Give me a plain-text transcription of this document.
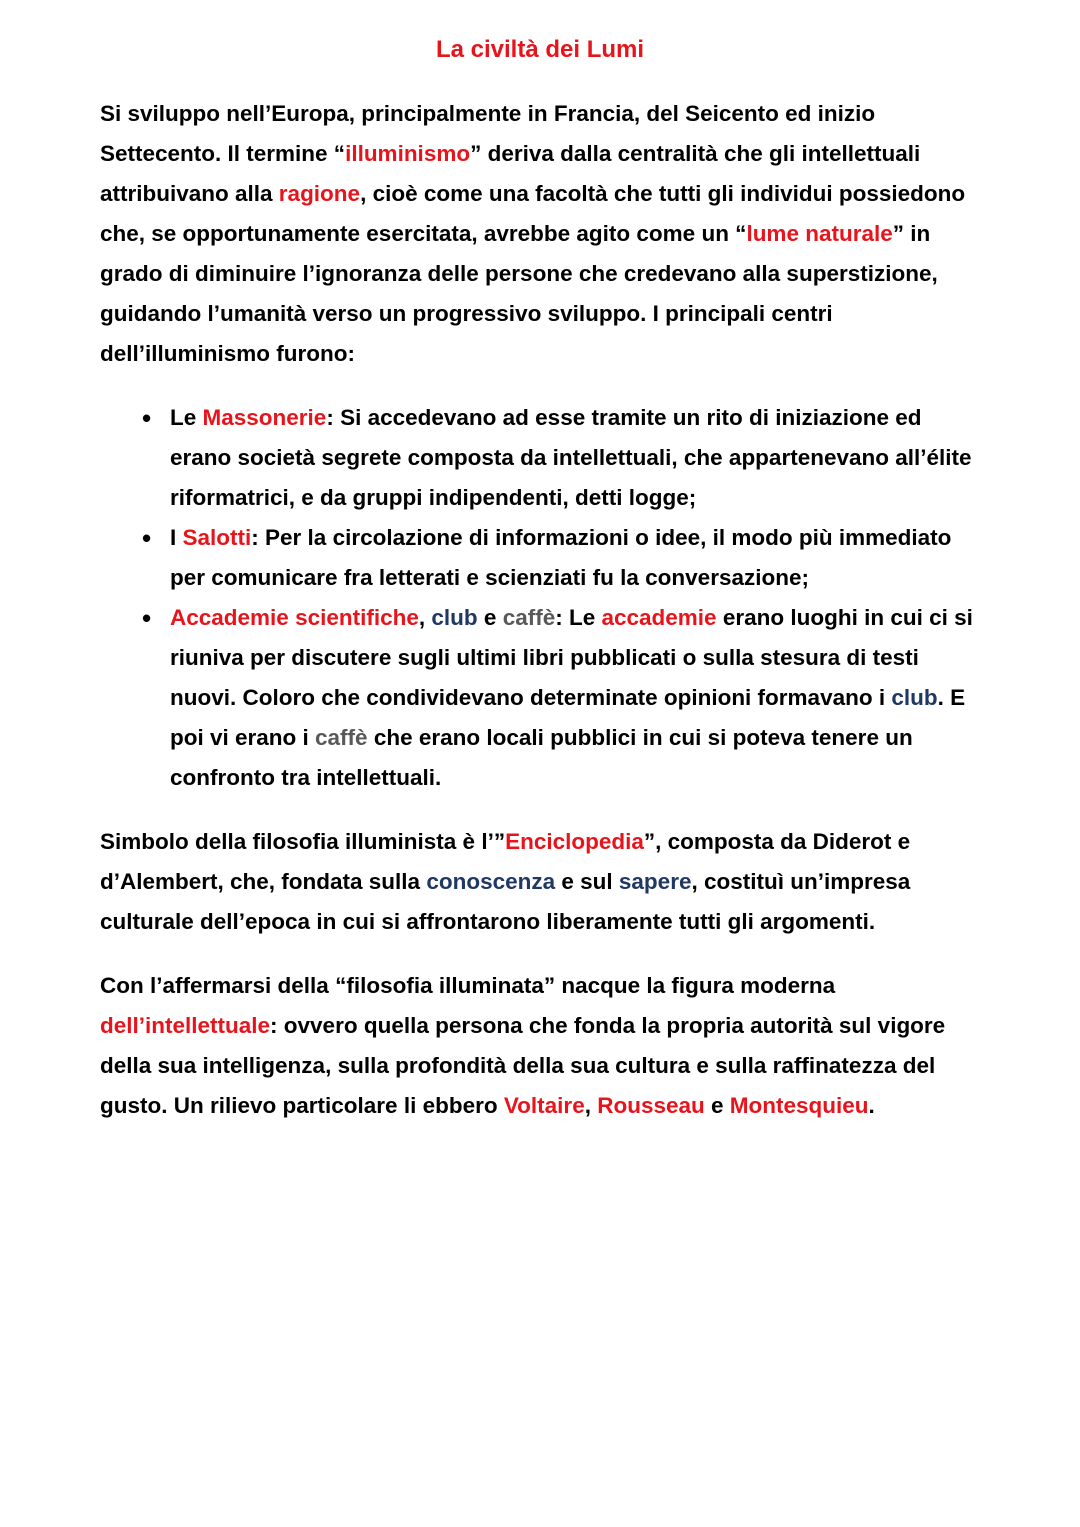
La civiltà dei Lumi

Si sviluppo nell’Europa, principalmente in Francia, del Seicento ed inizio Settecento. Il termine “illuminismo” deriva dalla centralità che gli intellettuali attribuivano alla ragione, cioè come una facoltà che tutti gli individui possiedono che, se opportunamente esercitata, avrebbe agito come un “lume naturale” in grado di diminuire l’ignoranza delle persone che credevano alla superstizione, guidando l’umanità verso un progressivo sviluppo. I principali centri dell’illuminismo furono:

• Le Massonerie: Si accedevano ad esse tramite un rito di iniziazione ed erano società segrete composta da intellettuali, che appartenevano all’élite riformatrici, e da gruppi indipendenti, detti logge;
• I Salotti: Per la circolazione di informazioni o idee, il modo più immediato per comunicare fra letterati e scienziati fu la conversazione;
• Accademie scientifiche, club e caffè: Le accademie erano luoghi in cui ci si riuniva per discutere sugli ultimi libri pubblicati o sulla stesura di testi nuovi. Coloro che condividevano determinate opinioni formavano i club. E poi vi erano i caffè che erano locali pubblici in cui si poteva tenere un confronto tra intellettuali.

Simbolo della filosofia illuminista è l’”Enciclopedia”, composta da Diderot e d’Alembert, che, fondata sulla conoscenza e sul sapere, costituì un’impresa culturale dell’epoca in cui si affrontarono liberamente tutti gli argomenti.

Con l’affermarsi della “filosofia illuminata” nacque la figura moderna dell’intellettuale: ovvero quella persona che fonda la propria autorità sul vigore della sua intelligenza, sulla profondità della sua cultura e sulla raffinatezza del gusto. Un rilievo particolare li ebbero Voltaire, Rousseau e Montesquieu.
